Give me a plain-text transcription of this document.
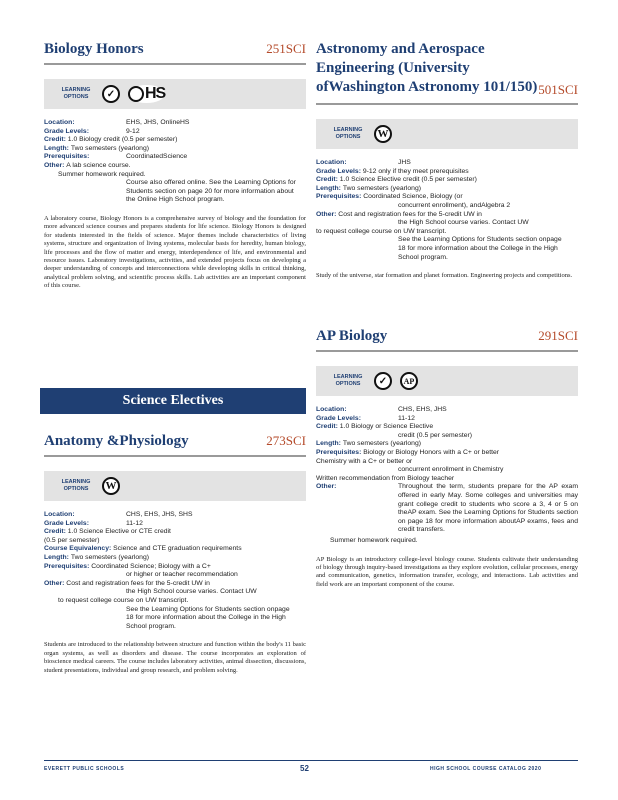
Biology Honors	251SCI
LEARNING OPTIONS	✓	HS
Location:	EHS, JHS, OnlineHS
Grade Levels:	9-12
Credit:
1.0 Biology credit (0.5 per semester)
Length:
Two semesters (yearlong)
Prerequisites:	CoordinatedScience
Other:
A lab science course.
Summer homework required.
Course also offered online. See the Learning Options for Students section on page 20 for more information about the Online High School program.
A laboratory course, Biology Honors is a comprehensive survey of biology and the foundation for more advanced science courses and prepares students for life science. Biology Honors is designed for students interested in the fields of science. Major themes include characteristics of living systems, structure and organization of living systems, molecular basis for heredity, human biology, life processes and the flow of matter and energy, interdependence of life, and environmental and resource issues. Laboratory investigations, activities, and extended projects focus on developing a deeper understanding of concepts and interconnections while developing skills in critical thinking, analytical problem solving, and scientific process skills. Lab activities are an important component of this course.
Science Electives
Anatomy &Physiology	273SCI
LEARNING OPTIONS	W
Location:	CHS, EHS, JHS, SHS
Grade Levels:	11-12
Credit:
1.0 Science Elective or CTE credit
(0.5 per semester)
Course Equivalency:
Science and CTE graduation requirements
Length:
Two semesters (yearlong)
Prerequisites:
Coordinated Science; Biology with a C+
or higher or teacher recommendation
Other:
Cost and registration fees for the 5-credit UW in
the High School course varies. Contact UW
to request college course on UW transcript.
See the Learning Options for Students section onpage 18 for more information about the College in the High School program.
Students are introduced to the relationship between structure and function within the body's 11 basic organ systems, as well as disorders and disease. The course incorporates an exploration of bioscience medical careers. The course includes laboratory activities, animal dissection, discussions, student presentations, individual and group research, and problem solving.
Astronomy and Aerospace Engineering (University ofWashington Astronomy 101/150) 501SCI
LEARNING OPTIONS	W
Location:	JHS
Grade Levels:
9-12 only if they meet prerequisites
Credit:
1.0 Science Elective credit (0.5 per semester)
Length:
Two semesters (yearlong)
Prerequisites:
Coordinated Science, Biology (or
concurrent enrollment), andAlgebra 2
Other:
Cost and registration fees for the 5-credit UW in
the High School course varies. Contact UW
to request college course on UW transcript.
See the Learning Options for Students section onpage 18 for more information about the College in the High School program.
Study of the universe, star formation and planet formation. Engineering projects and competitions.
AP Biology	291SCI
LEARNING OPTIONS	✓	AP
Location:	CHS, EHS, JHS
Grade Levels:	11-12
Credit:
1.0 Biology or Science Elective
credit (0.5 per semester)
Length:
Two semesters (yearlong)
Prerequisites:
Biology or Biology Honors with a C+ or better
Chemistry with a C+ or better or
concurrent enrollment in Chemistry
Written recommendation from Biology teacher
Other:	Throughout the term, students prepare for the AP exam offered in early May. Some colleges and universities may grant college credit to students who score a 3, 4 or 5 on theAP exam. See the Learning Options for Students section on page 18 for more information aboutAP exams, fees and credit transfers.
Summer homework required.
AP Biology is an introductory college-level biology course. Students cultivate their understanding of biology through inquiry-based investigations as they explore evolution, cellular processes, energy and communication, genetics, information transfer, ecology, and interactions. Lab activities and field work are an important component of the course.
EVERETT PUBLIC SCHOOLS	52	HIGH SCHOOL COURSE CATALOG 2020
